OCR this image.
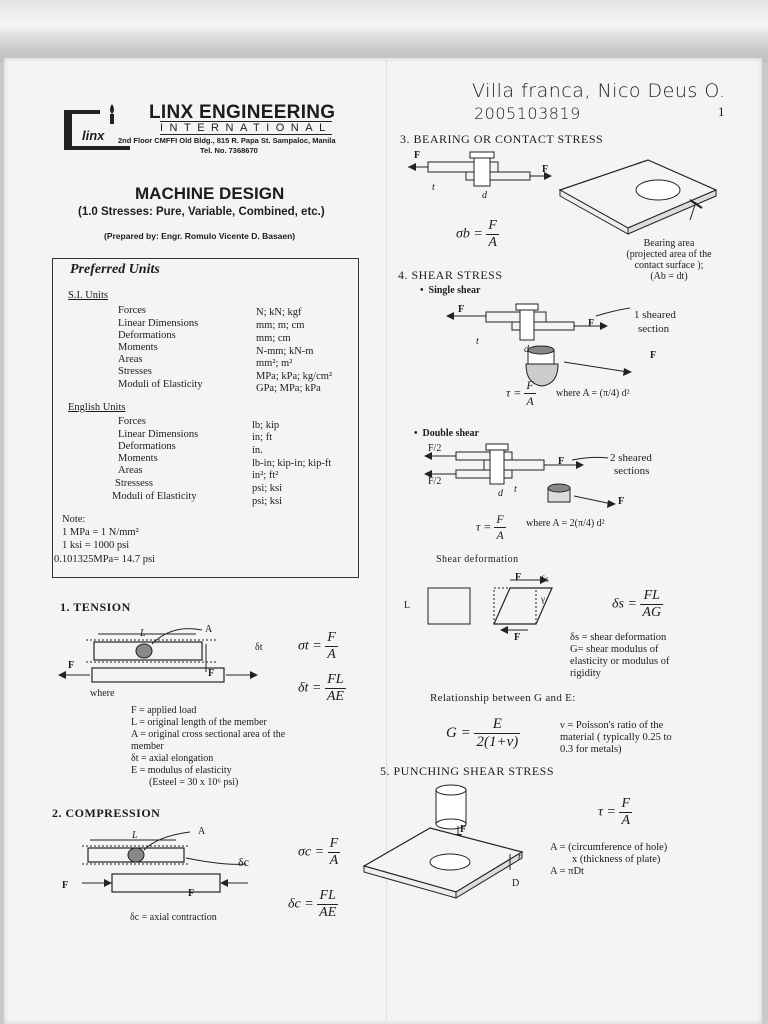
linx
LINX ENGINEERING
INTERNATIONAL
2nd Floor CMFFI Old Bldg., 815 R. Papa St. Sampaloc, Manila
Tel. No. 7368670
MACHINE DESIGN
(1.0 Stresses: Pure, Variable, Combined, etc.)
(Prepared by: Engr. Romulo Vicente D. Basaen)
Villa franca, Nico Deus O.
2005103819	1
Preferred Units
S.I. Units
Forces	N; kN; kgf
Linear Dimensions	mm; m; cm
Deformations	mm; cm
Moments	N-mm; kN-m
Areas	mm²; m²
Stresses	MPa; kPa; kg/cm²
Moduli of Elasticity	GPa; MPa; kPa
English Units
Forces	lb; kip
Linear Dimensions	in; ft
Deformations	in.
Moments	lb-in; kip-in; kip-ft
Areas	in²; ft²
Stressess	psi; ksi
Moduli of Elasticity	psi; ksi
Note:
1 MPa = 1 N/mm²
1 ksi = 1000 psi
0.101325MPa= 14.7 psi
1. TENSION
L	A
δt
F
F
where
$\sigma t = \frac{F}{A}$
$\delta t = \frac{FL}{AE}$
F = applied load
L = original length of the member
A = original cross sectional area of the
member
δt = axial elongation
E = modulus of elasticity
(Esteel = 30 x 10⁶ psi)
2. COMPRESSION
L	A
δc
F
F
δc = axial contraction
$\sigma c = \frac{F}{A}$
$\delta c = \frac{FL}{AE}$
3. BEARING OR CONTACT STRESS
F
F
t
d
$\sigma b = \frac{F}{A}$	Bearing area
(projected area of the
contact surface );
(Ab = dt)
4. SHEAR STRESS
•  Single shear
F
F
F
t
d
1 sheared
section
$\tau = \frac{F}{A}$ where A = (π/4) d²
•  Double shear
F/2
F/2
F
F
d t
2 sheared
sections
$\tau = \frac{F}{A}$ where A = 2(π/4) d²
Shear deformation
L
F
F
δs
γ	$\delta s = \frac{FL}{AG}$
δs = shear deformation
G= shear modulus of
elasticity or modulus of
rigidity
Relationship between G and E:
$G = \frac{E}{2(1+\nu)}$	ν = Poisson's ratio of the
material ( typically 0.25 to
0.3 for metals)
5. PUNCHING SHEAR STRESS
F
t
D
$\tau = \frac{F}{A}$
A = (circumference of hole)
x (thickness of plate)
A = πDt
